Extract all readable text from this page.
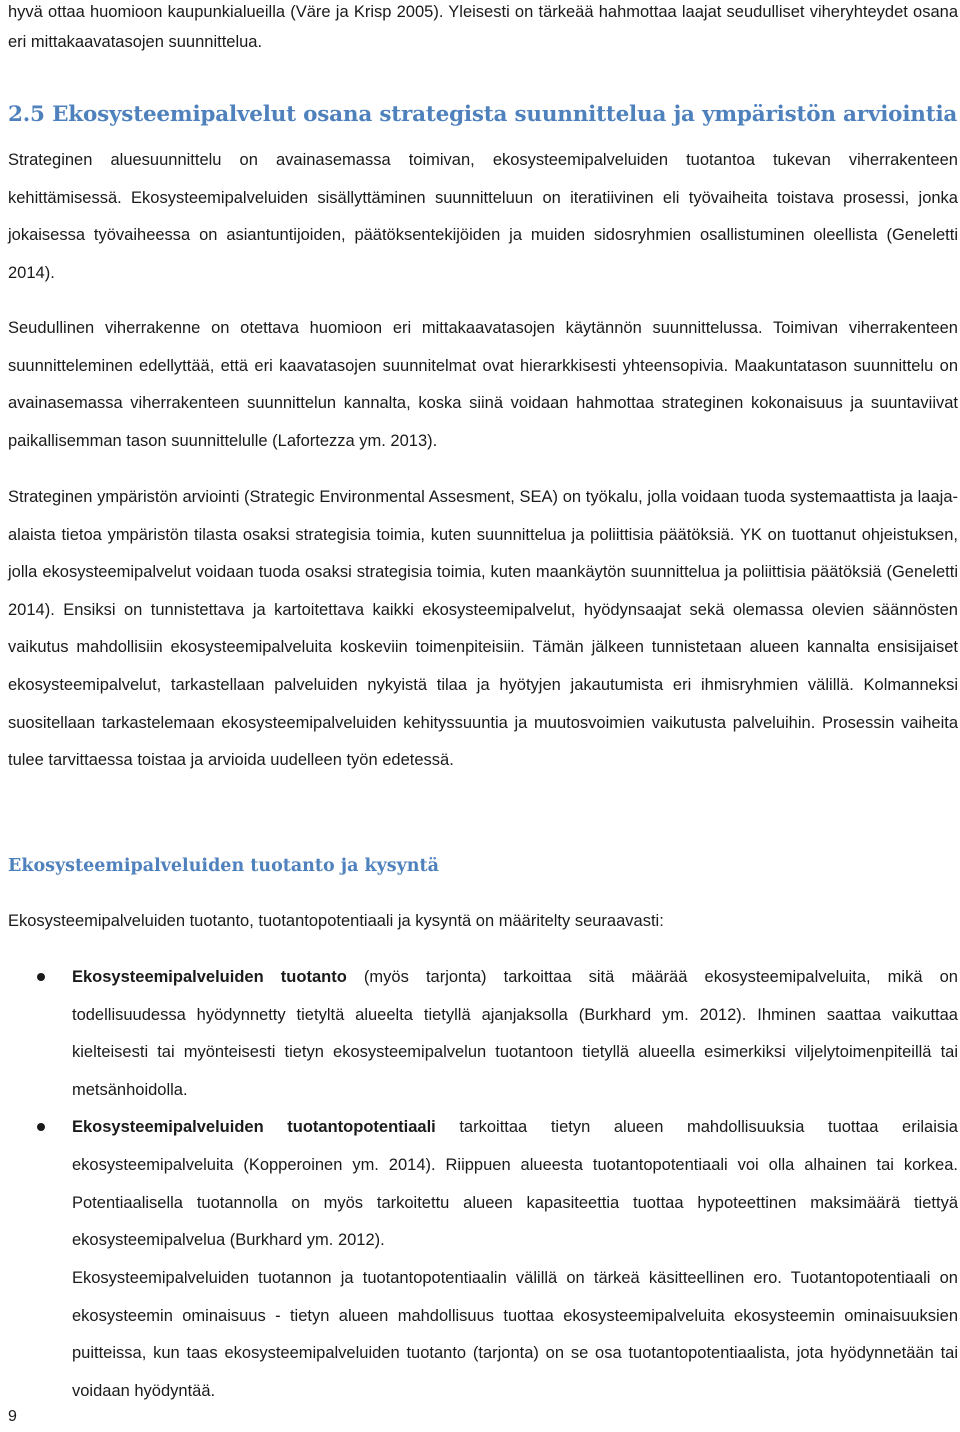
hyvä ottaa huomioon kaupunkialueilla (Väre ja Krisp 2005). Yleisesti on tärkeää hahmottaa laajat seudulliset viheryhteydet osana eri mittakaavatasojen suunnittelua.

2.5 Ekosysteemipalvelut osana strategista suunnittelua ja ympäristön arviointia

Strateginen aluesuunnittelu on avainasemassa toimivan, ekosysteemipalveluiden tuotantoa tukevan viherrakenteen kehittämisessä. Ekosysteemipalveluiden sisällyttäminen suunnitteluun on iteratiivinen eli työvaiheita toistava prosessi, jonka jokaisessa työvaiheessa on asiantuntijoiden, päätöksentekijöiden ja muiden sidosryhmien osallistuminen oleellista (Geneletti 2014).

Seudullinen viherrakenne on otettava huomioon eri mittakaavatasojen käytännön suunnittelussa. Toimivan viherrakenteen suunnitteleminen edellyttää, että eri kaavatasojen suunnitelmat ovat hierarkkisesti yhteensopivia. Maakuntatason suunnittelu on avainasemassa viherrakenteen suunnittelun kannalta, koska siinä voidaan hahmottaa strateginen kokonaisuus ja suuntaviivat paikallisemman tason suunnittelulle (Lafortezza ym. 2013).

Strateginen ympäristön arviointi (Strategic Environmental Assesment, SEA) on työkalu, jolla voidaan tuoda systemaattista ja laaja-alaista tietoa ympäristön tilasta osaksi strategisia toimia, kuten suunnittelua ja poliittisia päätöksiä. YK on tuottanut ohjeistuksen, jolla ekosysteemipalvelut voidaan tuoda osaksi strategisia toimia, kuten maankäytön suunnittelua ja poliittisia päätöksiä (Geneletti 2014). Ensiksi on tunnistettava ja kartoitettava kaikki ekosysteemipalvelut, hyödynsaajat sekä olemassa olevien säännösten vaikutus mahdollisiin ekosysteemipalveluita koskeviin toimenpiteisiin. Tämän jälkeen tunnistetaan alueen kannalta ensisijaiset ekosysteemipalvelut, tarkastellaan palveluiden nykyistä tilaa ja hyötyjen jakautumista eri ihmisryhmien välillä. Kolmanneksi suositellaan tarkastelemaan ekosysteemipalveluiden kehityssuuntia ja muutosvoimien vaikutusta palveluihin. Prosessin vaiheita tulee tarvittaessa toistaa ja arvioida uudelleen työn edetessä.

Ekosysteemipalveluiden tuotanto ja kysyntä

Ekosysteemipalveluiden tuotanto, tuotantopotentiaali ja kysyntä on määritelty seuraavasti:

Ekosysteemipalveluiden tuotanto (myös tarjonta) tarkoittaa sitä määrää ekosysteemipalveluita, mikä on todellisuudessa hyödynnetty tietyltä alueelta tietyllä ajanjaksolla (Burkhard ym. 2012). Ihminen saattaa vaikuttaa kielteisesti tai myönteisesti tietyn ekosysteemipalvelun tuotantoon tietyllä alueella esimerkiksi viljelytoimenpiteillä tai metsänhoidolla.

Ekosysteemipalveluiden tuotantopotentiaali tarkoittaa tietyn alueen mahdollisuuksia tuottaa erilaisia ekosysteemipalveluita (Kopperoinen ym. 2014). Riippuen alueesta tuotantopotentiaali voi olla alhainen tai korkea. Potentiaalisella tuotannolla on myös tarkoitettu alueen kapasiteettia tuottaa hypoteettinen maksimäärä tiettyä ekosysteemipalvelua (Burkhard ym. 2012).

Ekosysteemipalveluiden tuotannon ja tuotantopotentiaalin välillä on tärkeä käsitteellinen ero. Tuotantopotentiaali on ekosysteemin ominaisuus - tietyn alueen mahdollisuus tuottaa ekosysteemipalveluita ekosysteemin ominaisuuksien puitteissa, kun taas ekosysteemipalveluiden tuotanto (tarjonta) on se osa tuotantopotentiaalista, jota hyödynnetään tai voidaan hyödyntää.

9
